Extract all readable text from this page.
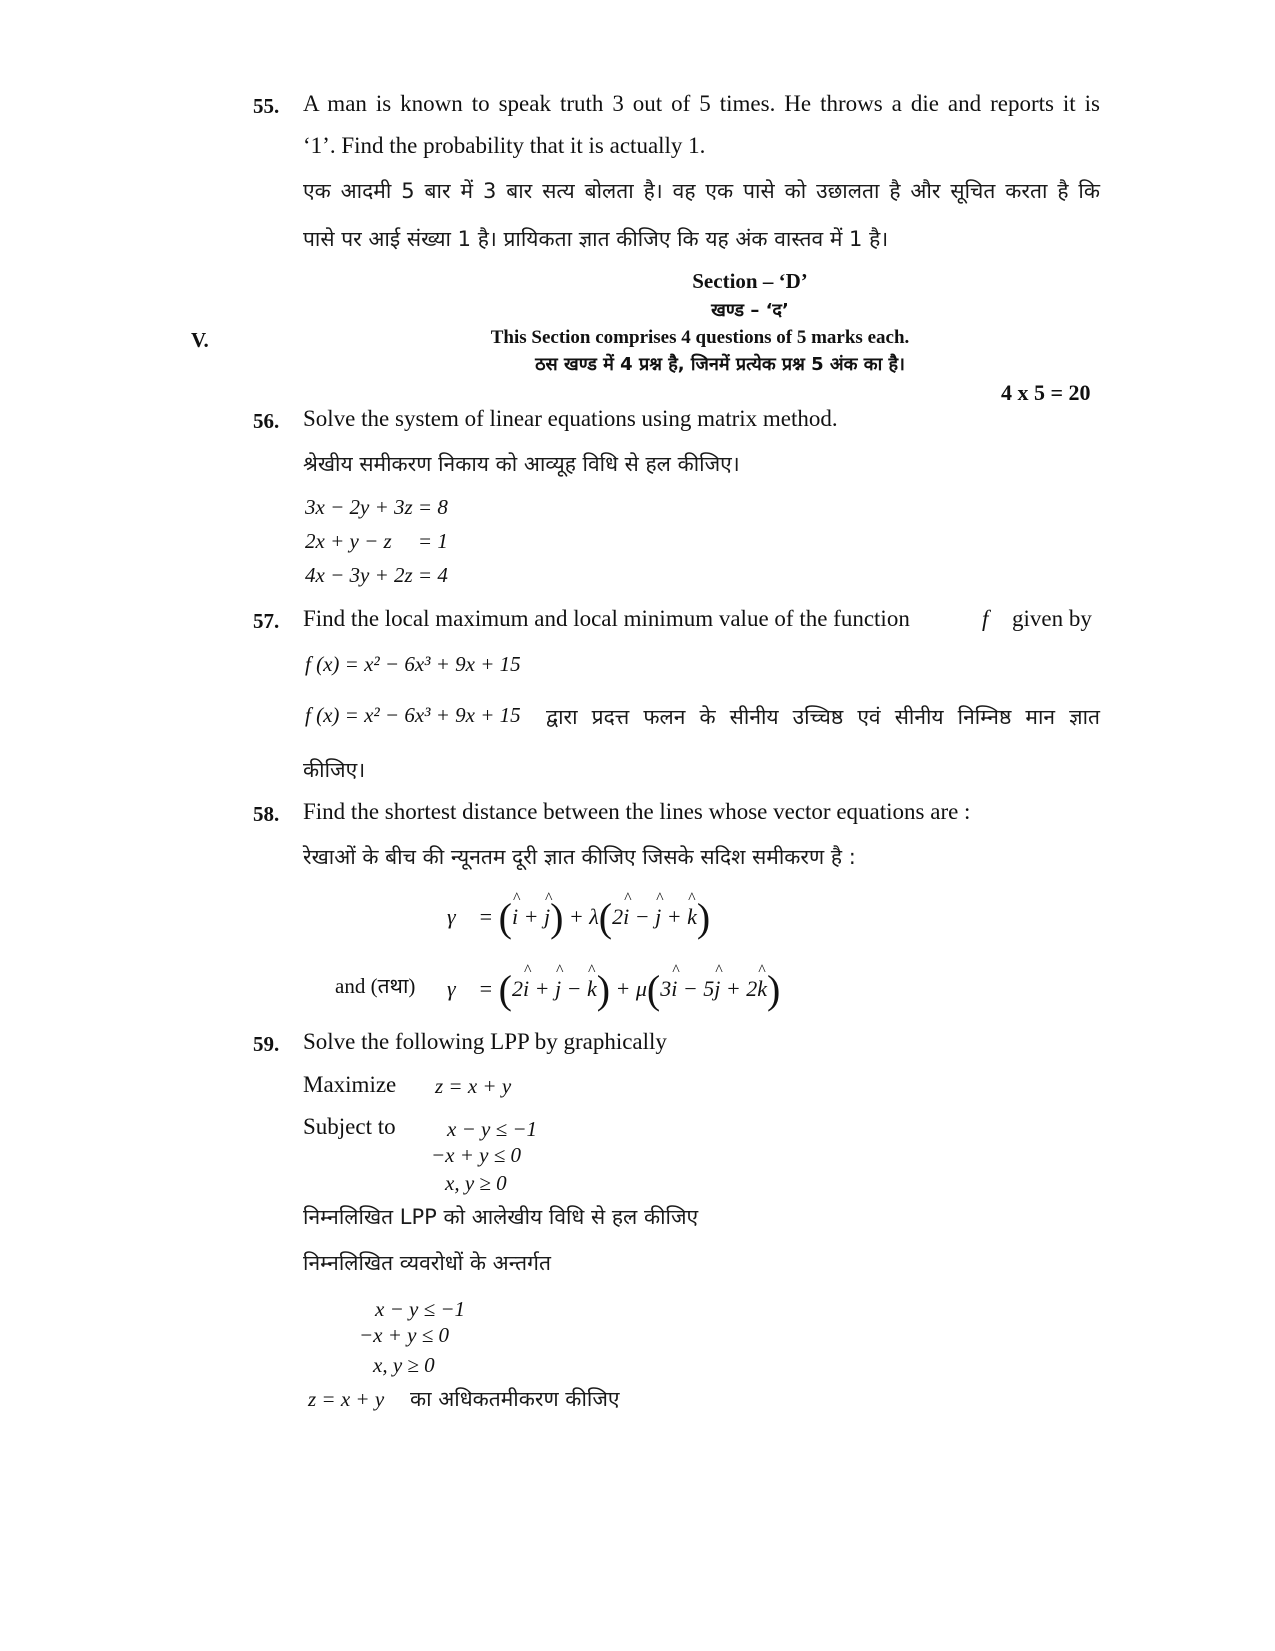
55. A man is known to speak truth 3 out of 5 times. He throws a die and reports it is
‘1’. Find the probability that it is actually 1.
एक आदमी 5 बार में 3 बार सत्य बोलता है। वह एक पासे को उछालता है और सूचित करता है कि
पासे पर आई संख्या 1 है। प्रायिकता ज्ञात कीजिए कि यह अंक वास्तव में 1 है।
Section – ‘D’
खण्ड – ‘द’
V.	This Section comprises 4 questions of 5 marks each.
ठस खण्ड में 4 प्रश्न है, जिनमें प्रत्येक प्रश्न 5 अंक का है।
4 x 5 = 20
56. Solve the system of linear equations using matrix method.
श्रेखीय समीकरण निकाय को आव्यूह विधि से हल कीजिए।
3x − 2y + 3z = 8
2x + y − z     = 1
4x − 3y + 2z = 4
57. Find the local maximum and local minimum value of the function	f given by
f (x) = x² − 6x³ + 9x + 15
f (x) = x² − 6x³ + 9x + 15 द्वारा प्रदत्त फलन के सीनीय उच्चिष्ठ एवं सीनीय निम्निष्ठ मान ज्ञात
कीजिए।
58. Find the shortest distance between the lines whose vector equations are :
रेखाओं के बीच की न्यूनतम दूरी ज्ञात कीजिए जिसके सदिश समीकरण है :
γ⃗ = (^ i + ^ j) + λ(2^ i − ^ j + ^ k)
and (तथा) γ⃗ = (2^ i + ^ j − ^ k) + μ(3^ i − 5^ j + 2^ k)
59. Solve the following LPP by graphically
Maximize z = x + y
Subject to x − y ≤ −1
−x + y ≤ 0
x, y ≥ 0
निम्नलिखित LPP को आलेखीय विधि से हल कीजिए
निम्नलिखित व्यवरोधों के अन्तर्गत
x − y ≤ −1
−x + y ≤ 0
x, y ≥ 0
z = x + y का अधिकतमीकरण कीजिए
